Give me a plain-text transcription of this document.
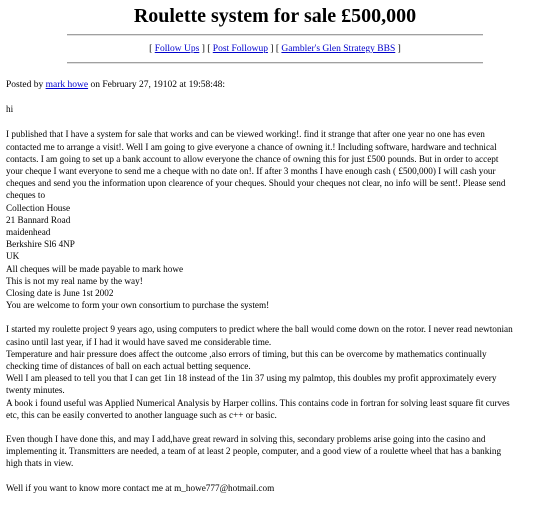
Roulette system for sale £500,000
[ Follow Ups ] [ Post Followup ] [ Gambler's Glen Strategy BBS ]
Posted by mark howe on February 27, 19102 at 19:58:48:
hi
I published that I have a system for sale that works and can be viewed working!. find it strange that after one year no one has even
contacted me to arrange a visit!. Well I am going to give everyone a chance of owning it.! Including software, hardware and technical
contacts. I am going to set up a bank account to allow everyone the chance of owning this for just £500 pounds. But in order to accept
your cheque I want everyone to send me a cheque with no date on!. If after 3 months I have enough cash ( £500,000) I will cash your
cheques and send you the information upon clearence of your cheques. Should your cheques not clear, no info will be sent!. Please send
cheques to
Collection House
21 Bannard Road
maidenhead
Berkshire Sl6 4NP
UK
All cheques will be made payable to mark howe
This is not my real name by the way!
Closing date is June 1st 2002
You are welcome to form your own consortium to purchase the system!
I started my roulette project 9 years ago, using computers to predict where the ball would come down on the rotor. I never read newtonian
casino until last year, if I had it would have saved me considerable time.
Temperature and hair pressure does affect the outcome ,also errors of timing, but this can be overcome by mathematics continually
checking time of distances of ball on each actual betting sequence.
Well I am pleased to tell you that I can get 1in 18 instead of the 1in 37 using my palmtop, this doubles my profit approximately every
twenty minutes.
A book i found useful was Applied Numerical Analysis by Harper collins. This contains code in fortran for solving least square fit curves
etc, this can be easily converted to another language such as c++ or basic.
Even though I have done this, and may I add,have great reward in solving this, secondary problems arise going into the casino and
implementing it. Transmitters are needed, a team of at least 2 people, computer, and a good view of a roulette wheel that has a banking
high thats in view.
Well if you want to know more contact me at m_howe777@hotmail.com
